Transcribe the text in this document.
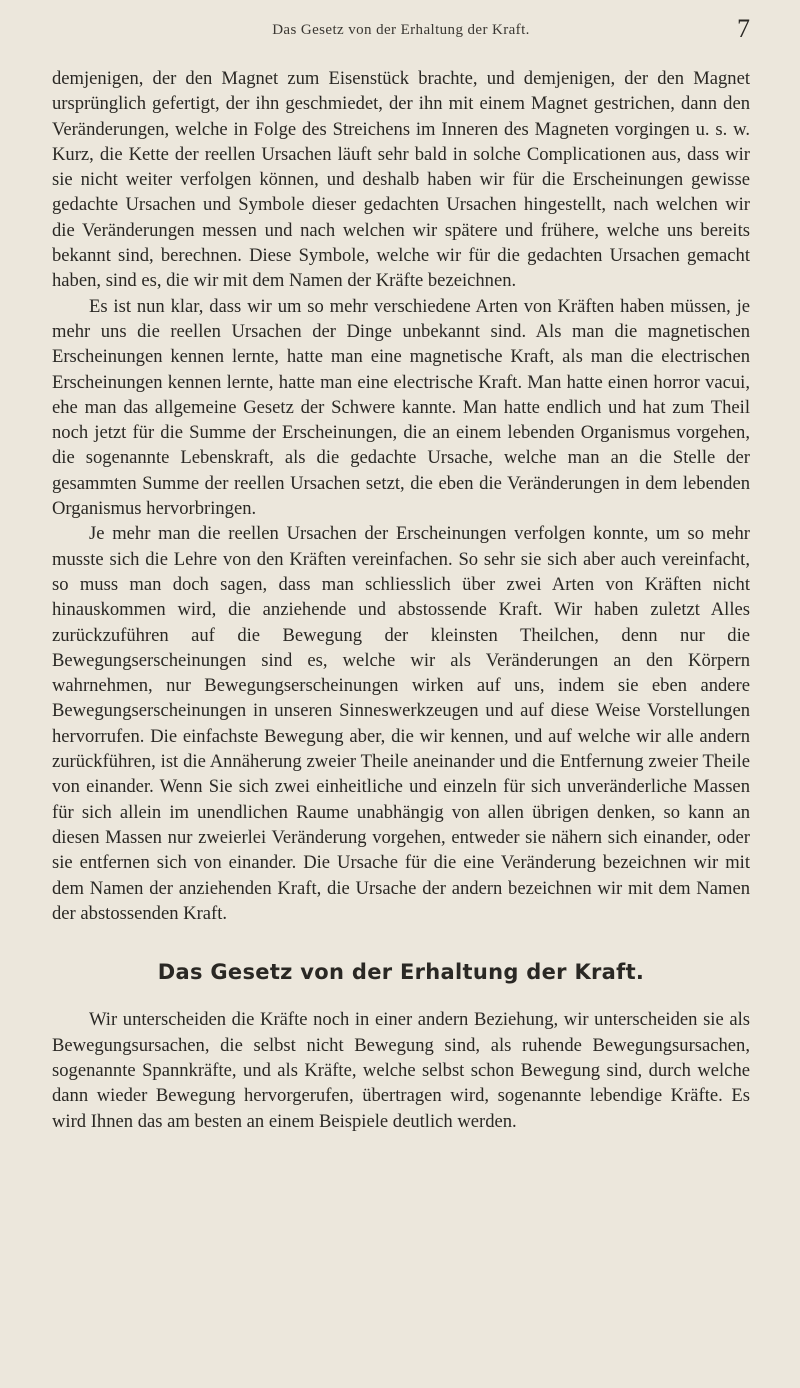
Das Gesetz von der Erhaltung der Kraft.	7

demjenigen, der den Magnet zum Eisenstück brachte, und demjenigen, der den Magnet ursprünglich gefertigt, der ihn geschmiedet, der ihn mit einem Magnet gestrichen, dann den Veränderungen, welche in Folge des Streichens im Inneren des Magneten vorgingen u. s. w. Kurz, die Kette der reellen Ursachen läuft sehr bald in solche Complicationen aus, dass wir sie nicht weiter verfolgen können, und deshalb haben wir für die Erscheinungen gewisse gedachte Ursachen und Symbole dieser gedachten Ursachen hingestellt, nach welchen wir die Veränderungen messen und nach welchen wir spätere und frühere, welche uns bereits bekannt sind, berechnen. Diese Symbole, welche wir für die gedachten Ursachen gemacht haben, sind es, die wir mit dem Namen der Kräfte bezeichnen.

Es ist nun klar, dass wir um so mehr verschiedene Arten von Kräften haben müssen, je mehr uns die reellen Ursachen der Dinge unbekannt sind. Als man die magnetischen Erscheinungen kennen lernte, hatte man eine magnetische Kraft, als man die electrischen Erscheinungen kennen lernte, hatte man eine electrische Kraft. Man hatte einen horror vacui, ehe man das allgemeine Gesetz der Schwere kannte. Man hatte endlich und hat zum Theil noch jetzt für die Summe der Erscheinungen, die an einem lebenden Organismus vorgehen, die sogenannte Lebenskraft, als die gedachte Ursache, welche man an die Stelle der gesammten Summe der reellen Ursachen setzt, die eben die Veränderungen in dem lebenden Organismus hervorbringen.

Je mehr man die reellen Ursachen der Erscheinungen verfolgen konnte, um so mehr musste sich die Lehre von den Kräften vereinfachen. So sehr sie sich aber auch vereinfacht, so muss man doch sagen, dass man schliesslich über zwei Arten von Kräften nicht hinauskommen wird, die anziehende und abstossende Kraft. Wir haben zuletzt Alles zurückzuführen auf die Bewegung der kleinsten Theilchen, denn nur die Bewegungserscheinungen sind es, welche wir als Veränderungen an den Körpern wahrnehmen, nur Bewegungserscheinungen wirken auf uns, indem sie eben andere Bewegungserscheinungen in unseren Sinneswerkzeugen und auf diese Weise Vorstellungen hervorrufen. Die einfachste Bewegung aber, die wir kennen, und auf welche wir alle andern zurückführen, ist die Annäherung zweier Theile aneinander und die Entfernung zweier Theile von einander. Wenn Sie sich zwei einheitliche und einzeln für sich unveränderliche Massen für sich allein im unendlichen Raume unabhängig von allen übrigen denken, so kann an diesen Massen nur zweierlei Veränderung vorgehen, entweder sie nähern sich einander, oder sie entfernen sich von einander. Die Ursache für die eine Veränderung bezeichnen wir mit dem Namen der anziehenden Kraft, die Ursache der andern bezeichnen wir mit dem Namen der abstossenden Kraft.

Das Gesetz von der Erhaltung der Kraft.

Wir unterscheiden die Kräfte noch in einer andern Beziehung, wir unterscheiden sie als Bewegungsursachen, die selbst nicht Bewegung sind, als ruhende Bewegungsursachen, sogenannte Spannkräfte, und als Kräfte, welche selbst schon Bewegung sind, durch welche dann wieder Bewegung hervorgerufen, übertragen wird, sogenannte lebendige Kräfte. Es wird Ihnen das am besten an einem Beispiele deutlich werden.
